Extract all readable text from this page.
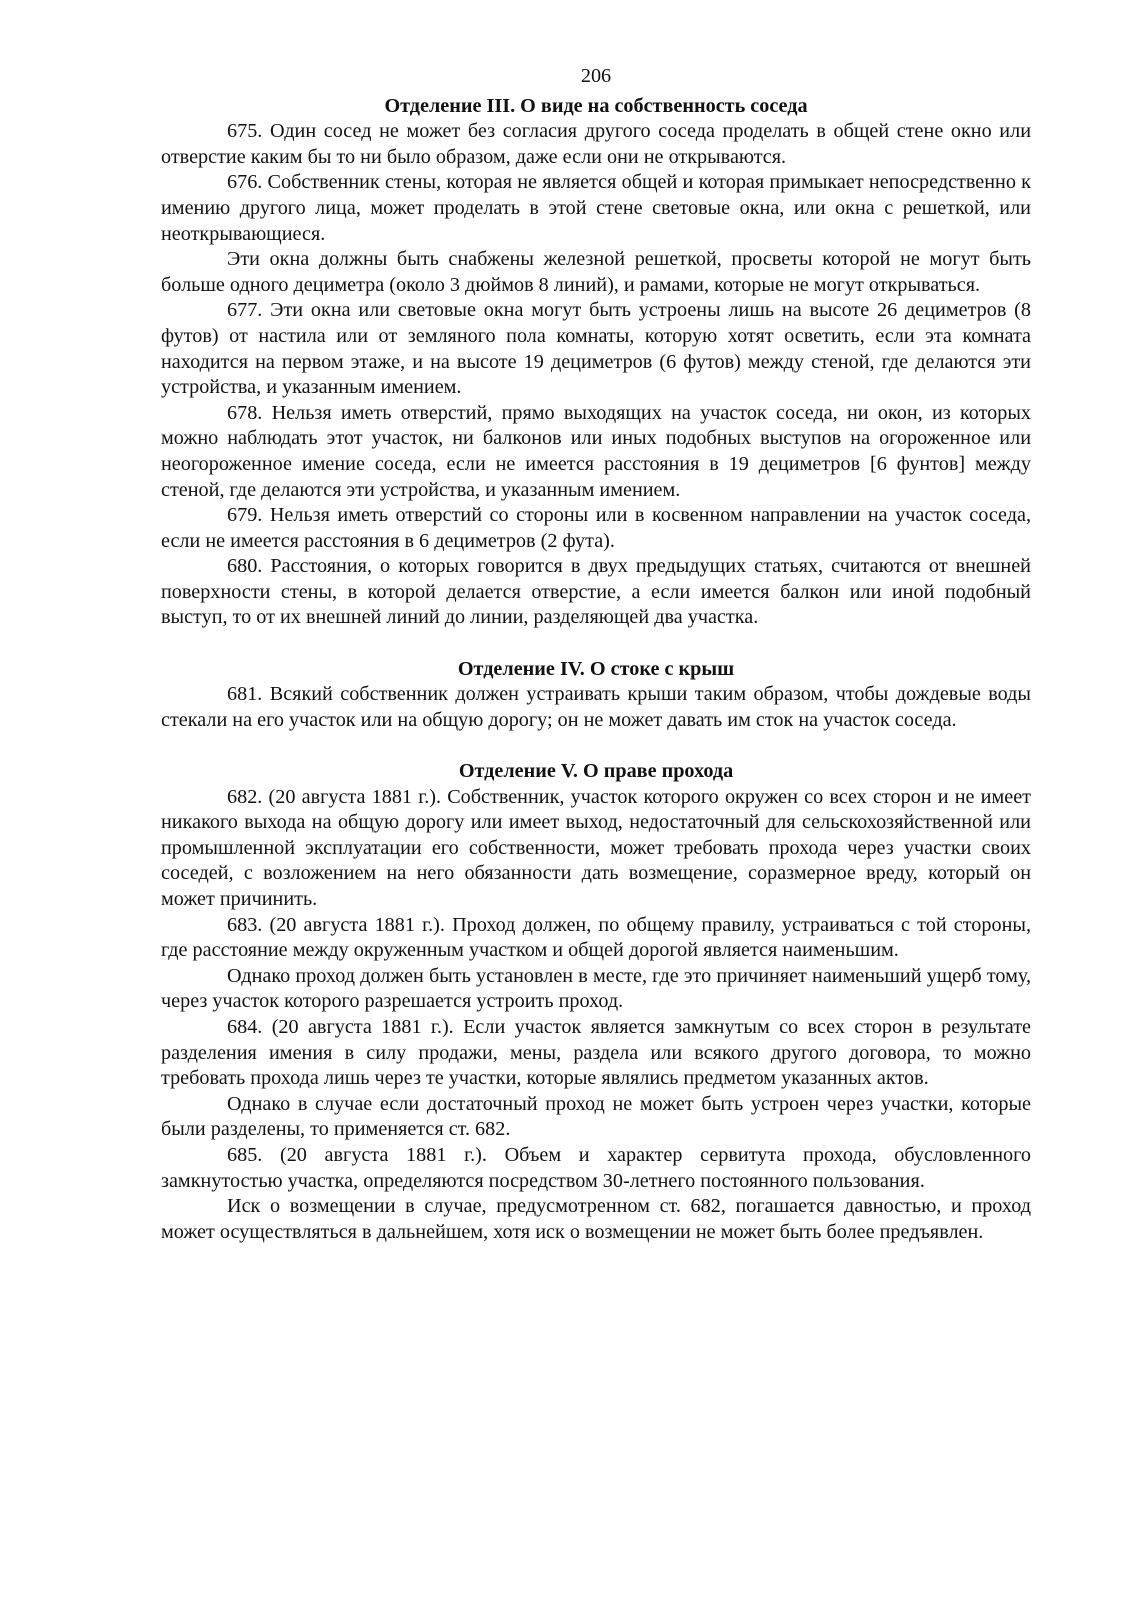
206
Отделение III. О виде на собственность соседа

675. Один сосед не может без согласия другого соседа проделать в общей стене окно или отверстие каким бы то ни было образом, даже если они не открываются.

676. Собственник стены, которая не является общей и которая примыкает непосредственно к имению другого лица, может проделать в этой стене световые окна, или окна с решеткой, или неоткрывающиеся.

Эти окна должны быть снабжены железной решеткой, просветы которой не могут быть больше одного дециметра (около 3 дюймов 8 линий), и рамами, которые не могут открываться.

677. Эти окна или световые окна могут быть устроены лишь на высоте 26 дециметров (8 футов) от настила или от земляного пола комнаты, которую хотят осветить, если эта комната находится на первом этаже, и на высоте 19 дециметров (6 футов) между стеной, где делаются эти устройства, и указанным имением.

678. Нельзя иметь отверстий, прямо выходящих на участок соседа, ни окон, из которых можно наблюдать этот участок, ни балконов или иных подобных выступов на огороженное или неогороженное имение соседа, если не имеется расстояния в 19 дециметров [6 фунтов] между стеной, где делаются эти устройства, и указанным имением.

679. Нельзя иметь отверстий со стороны или в косвенном направлении на участок соседа, если не имеется расстояния в 6 дециметров (2 фута).

680. Расстояния, о которых говорится в двух предыдущих статьях, считаются от внешней поверхности стены, в которой делается отверстие, а если имеется балкон или иной подобный выступ, то от их внешней линий до линии, разделяющей два участка.

Отделение IV. О стоке с крыш

681. Всякий собственник должен устраивать крыши таким образом, чтобы дождевые воды стекали на его участок или на общую дорогу; он не может давать им сток на участок соседа.

Отделение V. О праве прохода

682. (20 августа 1881 г.). Собственник, участок которого окружен со всех сторон и не имеет никакого выхода на общую дорогу или имеет выход, недостаточный для сельскохозяйственной или промышленной эксплуатации его собственности, может требовать прохода через участки своих соседей, с возложением на него обязанности дать возмещение, соразмерное вреду, который он может причинить.

683. (20 августа 1881 г.). Проход должен, по общему правилу, устраиваться с той стороны, где расстояние между окруженным участком и общей дорогой является наименьшим.

Однако проход должен быть установлен в месте, где это причиняет наименьший ущерб тому, через участок которого разрешается устроить проход.

684. (20 августа 1881 г.). Если участок является замкнутым со всех сторон в результате разделения имения в силу продажи, мены, раздела или всякого другого договора, то можно требовать прохода лишь через те участки, которые являлись предметом указанных актов.

Однако в случае если достаточный проход не может быть устроен через участки, которые были разделены, то применяется ст. 682.

685. (20 августа 1881 г.). Объем и характер сервитута прохода, обусловленного замкнутостью участка, определяются посредством 30-летнего постоянного пользования.

Иск о возмещении в случае, предусмотренном ст. 682, погашается давностью, и проход может осуществляться в дальнейшем, хотя иск о возмещении не может быть более предъявлен.
